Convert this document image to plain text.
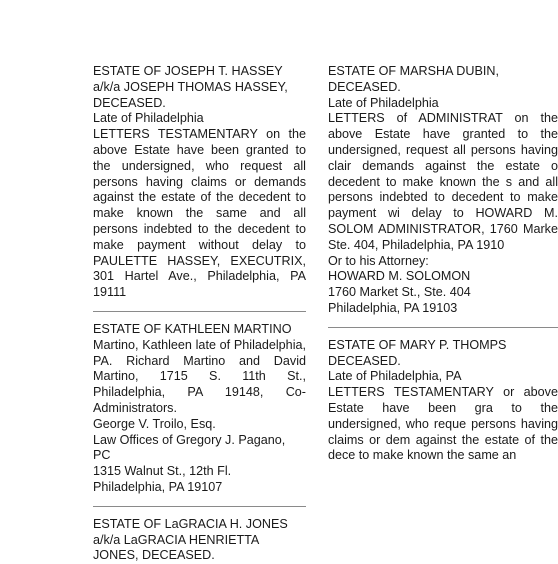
ESTATE OF JOSEPH T. HASSEY

a/k/a JOSEPH THOMAS HASSEY,

DECEASED.

Late of Philadelphia

LETTERS TESTAMENTARY on the above Estate have been granted to the undersigned, who request all persons having claims or demands against the estate of the decedent to make known the same and all persons indebted to the decedent to make payment without delay to PAULETTE HASSEY, EXECUTRIX, 301 Hartel Ave., Philadelphia, PA 19111

ESTATE OF KATHLEEN MARTINO

Martino, Kathleen late of Philadelphia, PA. Richard Martino and David Martino, 1715 S. 11th St., Philadelphia, PA 19148, Co-Administrators.

George V. Troilo, Esq.

Law Offices of Gregory J. Pagano, PC

1315 Walnut St., 12th Fl.

Philadelphia, PA 19107

ESTATE OF LaGRACIA H. JONES

a/k/a LaGRACIA HENRIETTA

JONES, DECEASED.

ESTATE OF MARSHA DUBIN,

DECEASED.

Late of Philadelphia

LETTERS of ADMINISTRAT on the above Estate have granted to the undersigned, request all persons having clair demands against the estate o decedent to make known the s and all persons indebted to decedent to make payment wi delay to HOWARD M. SOLOM ADMINISTRATOR, 1760 Marke Ste. 404, Philadelphia, PA 1910

Or to his Attorney:

HOWARD M. SOLOMON

1760 Market St., Ste. 404

Philadelphia, PA 19103

ESTATE OF MARY P. THOMPS

DECEASED.

Late of Philadelphia, PA

LETTERS TESTAMENTARY or above Estate have been gra to the undersigned, who reque persons having claims or dem against the estate of the dece to make known the same an
